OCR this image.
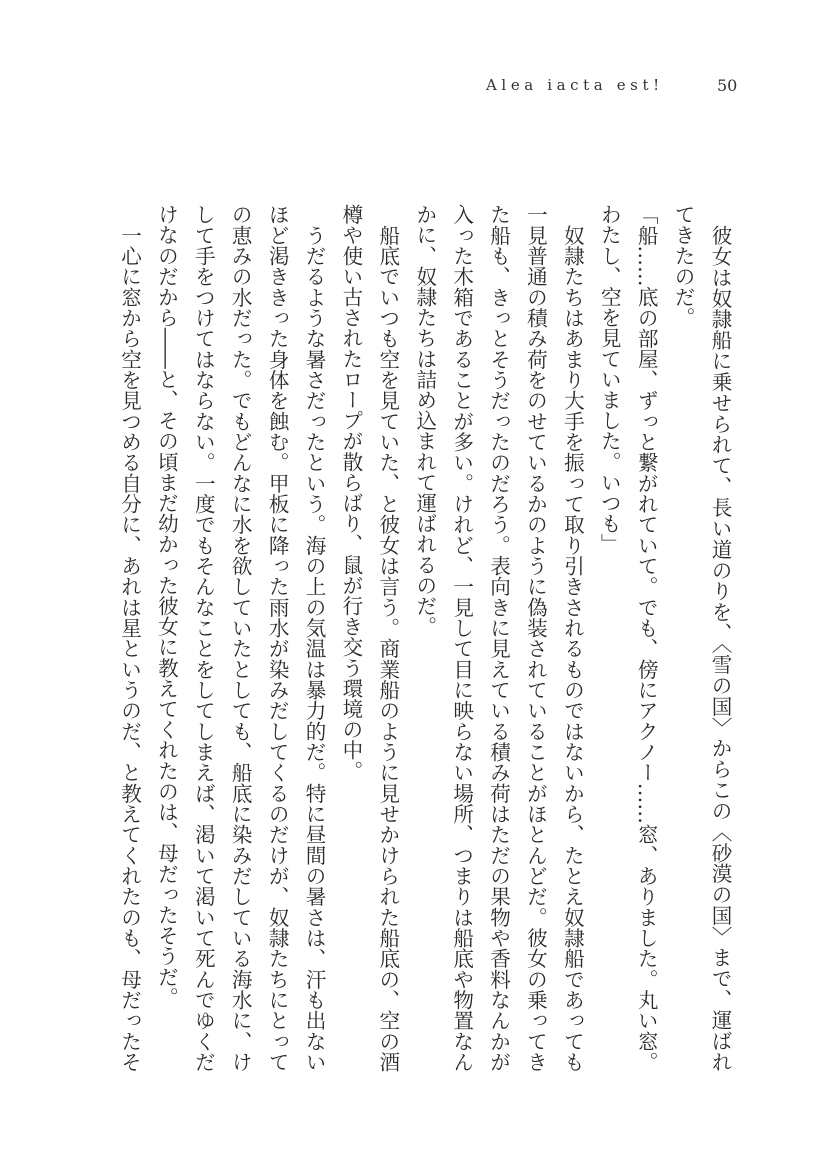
Alea iacta est!	50
　彼女は奴隷船に乗せられて、長い道のりを、〈雪の国〉からこの〈砂漠の国〉まで、運ばれ
てきたのだ。
「船……底の部屋、ずっと繋がれていて。でも、傍にアクノー……窓、ありました。丸い窓。
わたし、空を見ていました。いつも」
　奴隷たちはあまり大手を振って取り引きされるものではないから、たとえ奴隷船であっても
一見普通の積み荷をのせているかのように偽装されていることがほとんどだ。彼女の乗ってき
た船も、きっとそうだったのだろう。表向きに見えている積み荷はただの果物や香料なんかが
入った木箱であることが多い。けれど、一見して目に映らない場所、つまりは船底や物置なん
かに、奴隷たちは詰め込まれて運ばれるのだ。
　船底でいつも空を見ていた、と彼女は言う。商業船のように見せかけられた船底の、空の酒
樽や使い古されたロープが散らばり、鼠が行き交う環境の中。
　うだるような暑さだったという。海の上の気温は暴力的だ。特に昼間の暑さは、汗も出ない
ほど渇ききった身体を蝕む。甲板に降った雨水が染みだしてくるのだけが、奴隷たちにとって
の恵みの水だった。でもどんなに水を欲していたとしても、船底に染みだしている海水に、け
して手をつけてはならない。一度でもそんなことをしてしまえば、渇いて渇いて死んでゆくだ
けなのだから――と、その頃まだ幼かった彼女に教えてくれたのは、母だったそうだ。
　一心に窓から空を見つめる自分に、あれは星というのだ、と教えてくれたのも、母だったそ
